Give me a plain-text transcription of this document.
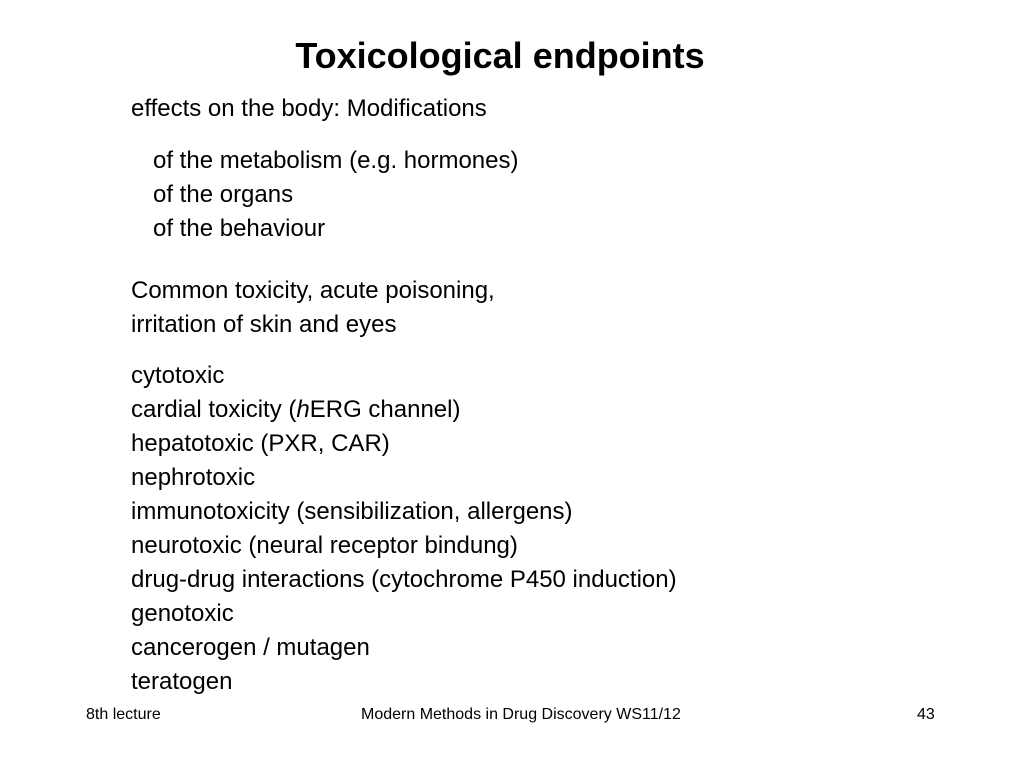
Toxicological endpoints
effects on the body: Modifications
of the metabolism (e.g. hormones)
of the organs
of the behaviour
Common toxicity, acute poisoning,
irritation of skin and eyes
cytotoxic
cardial toxicity (hERG channel)
hepatotoxic (PXR, CAR)
nephrotoxic
immunotoxicity (sensibilization, allergens)
neurotoxic (neural receptor bindung)
drug-drug interactions (cytochrome P450 induction)
genotoxic
cancerogen / mutagen
teratogen
8th lecture	Modern Methods in Drug Discovery WS11/12	43
